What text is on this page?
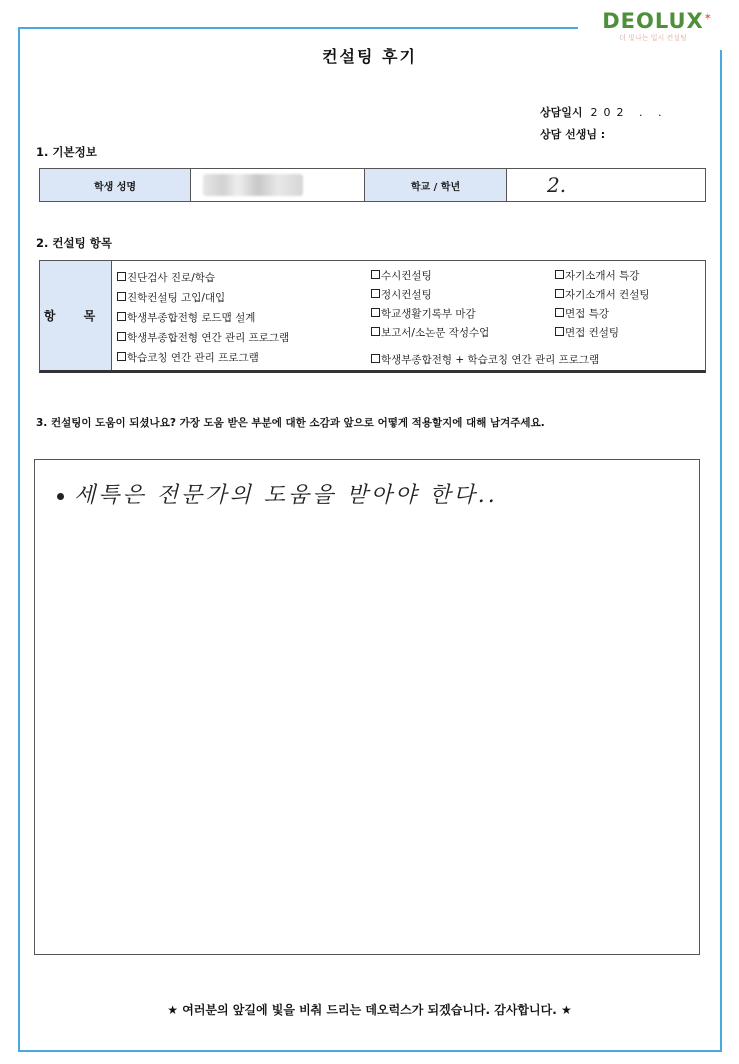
DEOLUX
더 빛나는 입시 컨설팅
✶
컨설팅 후기
상담일시 202 . .
상담 선생님 :
1. 기본정보
학생 성명	학교 / 학년	2.
2. 컨설팅 항목
항 목
진단검사 진로/학습
진학컨설팅 고입/대입
학생부종합전형 로드맵 설계
학생부종합전형 연간 관리 프로그램
학습코칭 연간 관리 프로그램
수시컨설팅
정시컨설팅
학교생활기록부 마감
보고서/소논문 작성수업
학생부종합전형 + 학습코칭 연간 관리 프로그램
자기소개서 특강
자기소개서 컨설팅
면접 특강
면접 컨설팅
3. 컨설팅이 도움이 되셨나요? 가장 도움 받은 부분에 대한 소감과 앞으로 어떻게 적용할지에 대해 남겨주세요.
세특은 전문가의 도움을 받아야 한다..
★ 여러분의 앞길에 빛을 비춰 드리는 데오럭스가 되겠습니다. 감사합니다. ★
